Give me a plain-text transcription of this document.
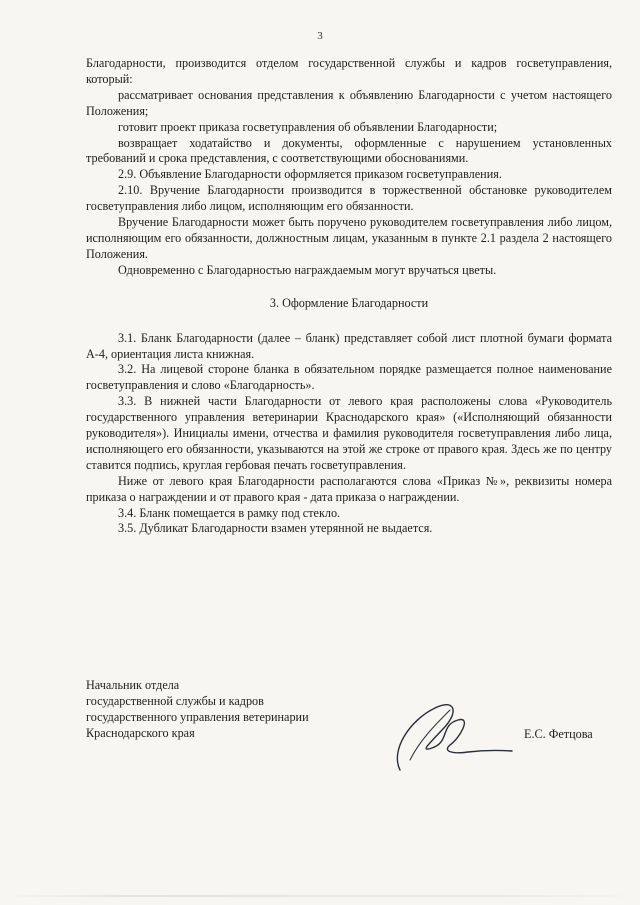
3

Благодарности, производится отделом государственной службы и кадров госветуправления, который:

рассматривает основания представления к объявлению Благодарности с учетом настоящего Положения;

готовит проект приказа госветуправления об объявлении Благодарности;

возвращает ходатайство и документы, оформленные с нарушением установленных требований и срока представления, с соответствующими обоснованиями.

2.9. Объявление Благодарности оформляется приказом госветуправления.

2.10. Вручение Благодарности производится в торжественной обстановке руководителем госветуправления либо лицом, исполняющим его обязанности.

Вручение Благодарности может быть поручено руководителем госветуправления либо лицом, исполняющим его обязанности, должностным лицам, указанным в пункте 2.1 раздела 2 настоящего Положения.

Одновременно с Благодарностью награждаемым могут вручаться цветы.

3. Оформление Благодарности

3.1. Бланк Благодарности (далее – бланк) представляет собой лист плотной бумаги формата А-4, ориентация листа книжная.

3.2. На лицевой стороне бланка в обязательном порядке размещается полное наименование госветуправления и слово «Благодарность».

3.3. В нижней части Благодарности от левого края расположены слова «Руководитель государственного управления ветеринарии Краснодарского края» («Исполняющий обязанности руководителя»). Инициалы имени, отчества и фамилия руководителя госветуправления либо лица, исполняющего его обязанности, указываются на этой же строке от правого края. Здесь же по центру ставится подпись, круглая гербовая печать госветуправления.

Ниже от левого края Благодарности располагаются слова «Приказ №», реквизиты номера приказа о награждении и от правого края - дата приказа о награждении.

3.4. Бланк помещается в рамку под стекло.

3.5. Дубликат Благодарности взамен утерянной не выдается.

Начальник отдела
государственной службы и кадров
государственного управления ветеринарии
Краснодарского края	Е.С. Фетцова
